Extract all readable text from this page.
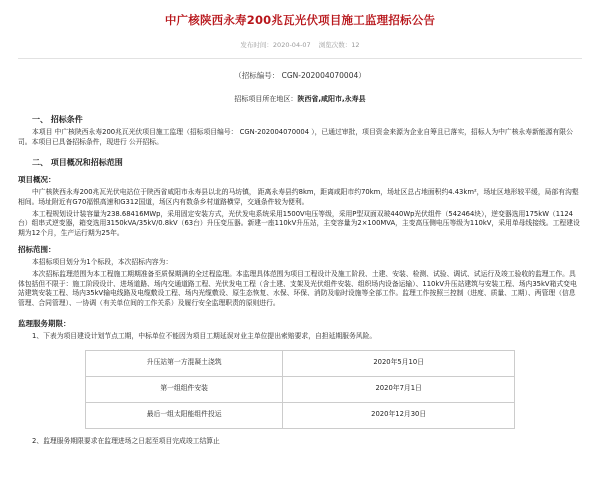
中广核陕西永寿200兆瓦光伏项目施工监理招标公告
发布时间：2020-04-07 浏览次数：12
（招标编号： CGN-202004070004）
招标项目所在地区：陕西省,咸阳市,永寿县
一、 招标条件
本项目 中广核陕西永寿200兆瓦光伏项目施工监理（招标项目编号： CGN-202004070004 ），已通过审批，项目资金来源为企业自筹且已落实，招标人为中广核永寿新能源有限公司。本项目已具备招标条件，现进行 公开招标。
二、 项目概况和招标范围
项目概况：
中广核陕西永寿200兆瓦光伏电站位于陕西省咸阳市永寿县以北的马坊镇， 距离永寿县约8km，距离咸阳市约70km，场址区总占地面积约4.43km²，场址区地形较平缓，局部有沟壑相间。场址附近有G70福银高速和G312国道，场区内有数条乡村道路横穿，交通条件较为便利。
本工程规划设计装容量为238.68416MWp，采用固定安装方式，光伏发电系统采用1500V电压等级，采用P型双面双玻440Wp光伏组件（542464块），逆变器选用175kW（1124台）组串式逆变器，箱变选用3150kVA/35kV/0.8kV（63台）升压变压器。新建一座110kV升压站，主变容量为2×100MVA，主变高压侧电压等级为110kV，采用单母线接线。工程建设期为12个月，生产运行期为25年。
招标范围：
本招标项目划分为1个标段，本次招标内容为：
本次招标监理范围为本工程施工期期准备至质保期满的全过程监理。本监理具体范围为项目工程设计及施工阶段、土建、安装、检测、试验、调试、试运行及竣工验收的监理工作。具体包括但不限于：施工阶段设计、进场道路、场内交通道路工程、光伏发电工程（含土建、支架及光伏组件安装、组织场内设备运输）、110kV升压站建筑与安装工程、场内35kV箱式变电站建筑安装工程、场内35kV输电线路及电缆敷设工程、场内光缆敷设、原生态恢复、水保、环保、消防及临时设施等全部工作。监理工作按照三控制（进度、质量、工期）、两管理（信息管理、合同管理）、一协调（有关单位间的工作关系）及履行安全监理职责的原则进行。
监理服务期限：
1、下表为项目建设计划节点工期，中标单位不能因为项目工期延误对业主单位提出索赔要求，自担延期服务风险。
升压站第一方混凝土浇筑	2020年5月10日
第一组组件安装	2020年7月1日
最后一组太阳能组件投运	2020年12月30日
2、监理服务期限要求在监理进场之日起至项目完成竣工结算止
